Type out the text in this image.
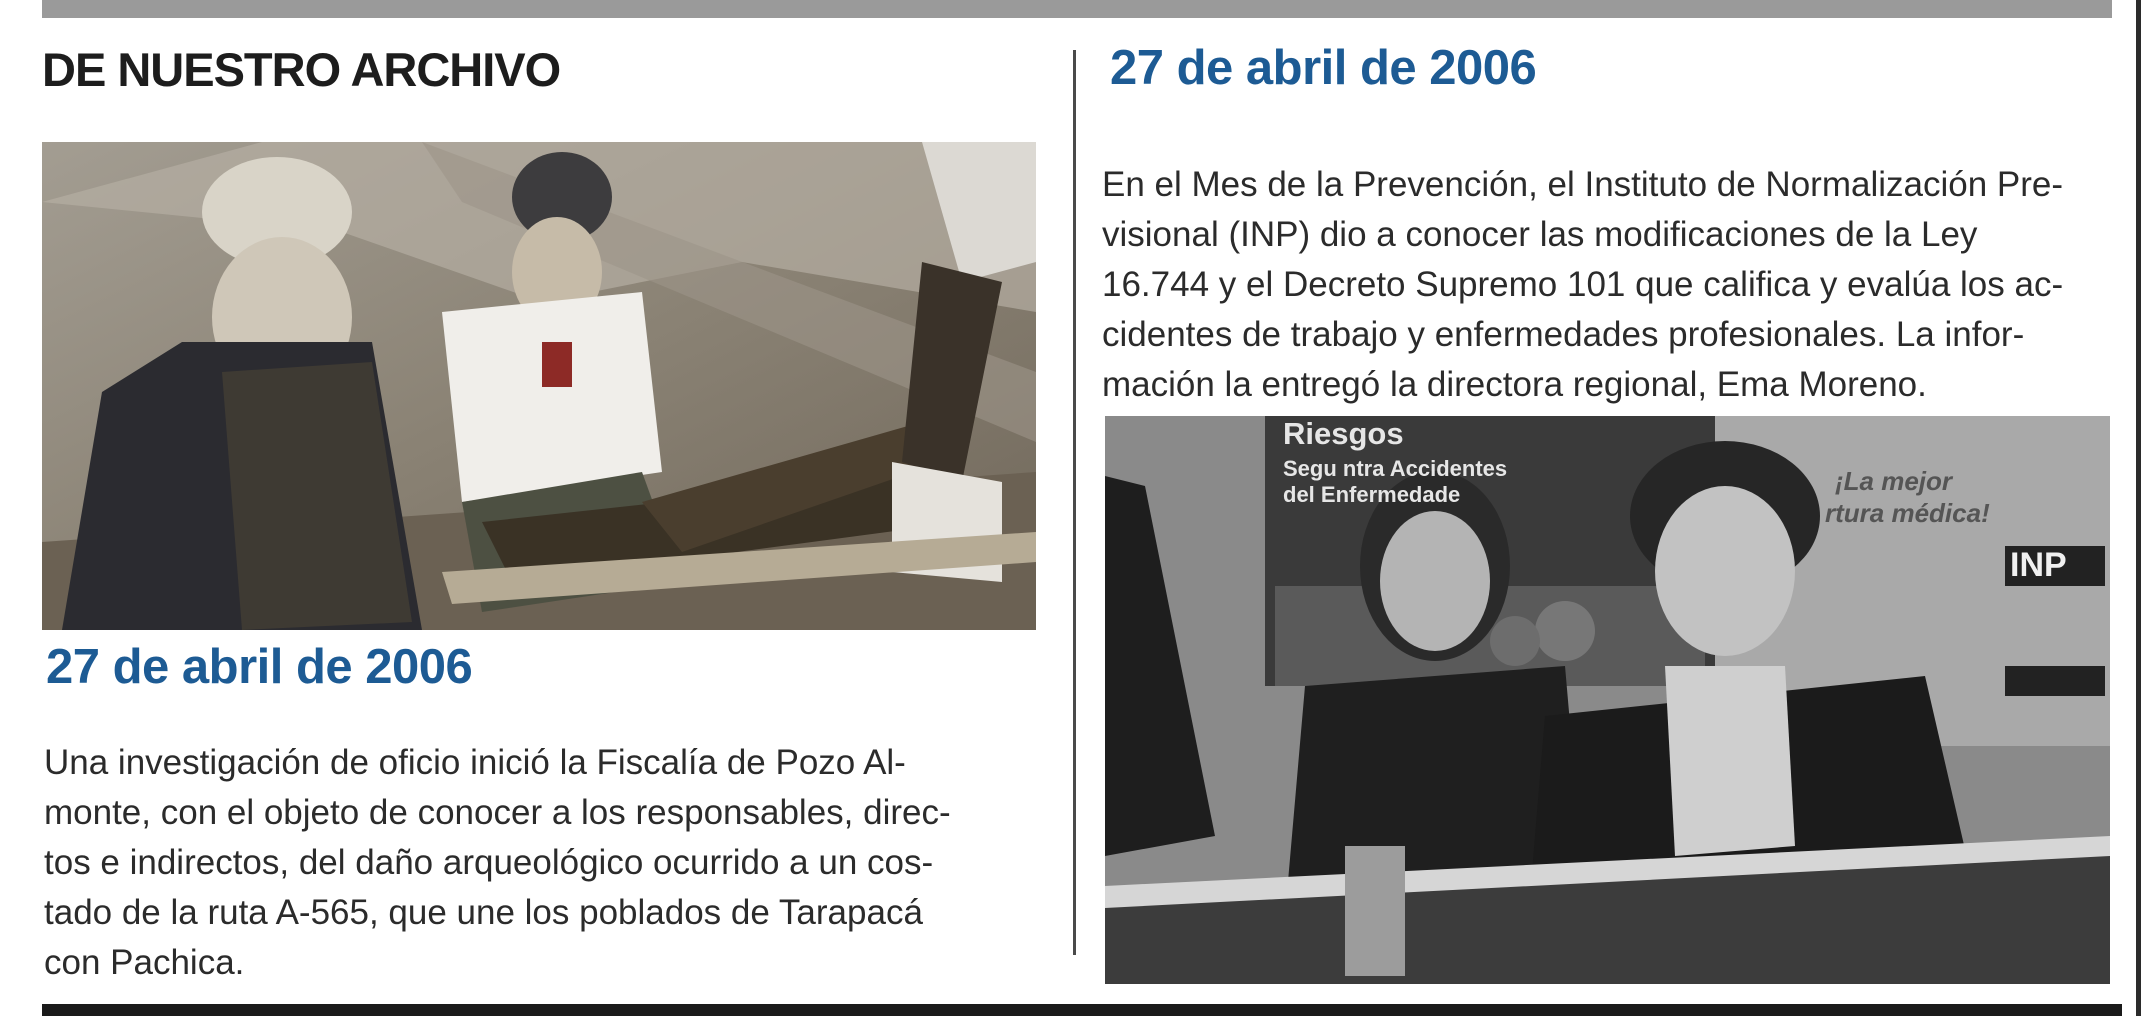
DE NUESTRO ARCHIVO
27 de abril de 2006

Una investigación de oficio inició la Fiscalía de Pozo Al-
monte, con el objeto de conocer a los responsables, direc-
tos e indirectos, del daño arqueológico ocurrido a un cos-
tado de la ruta A-565, que une los poblados de Tarapacá
con Pachica.

27 de abril de 2006

En el Mes de la Prevención, el Instituto de Normalización Pre-
visional (INP) dio a conocer las modificaciones de la Ley
16.744 y el Decreto Supremo 101 que califica y evalúa los ac-
cidentes de trabajo y enfermedades profesionales. La infor-
mación la entregó la directora regional, Ema Moreno.

Riesgos
Segu ntra Accidentes
del Enfermedade	¡La mejor
rtura médica!
INP
